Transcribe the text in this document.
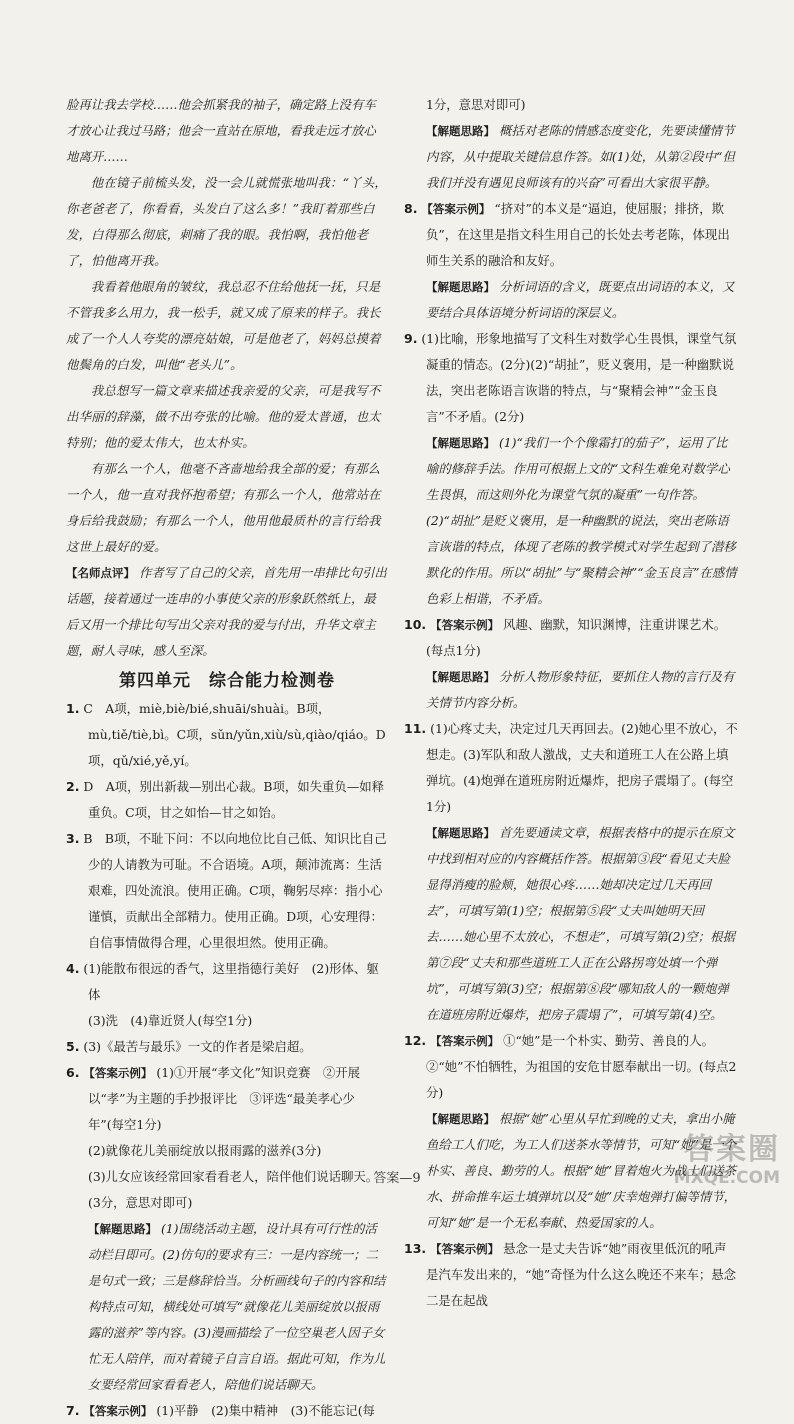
脸再让我去学校……他会抓紧我的袖子，确定路上没有车才放心让我过马路；他会一直站在原地，看我走远才放心地离开……

他在镜子前梳头发，没一会儿就慌张地叫我：“丫头，你老爸老了，你看看，头发白了这么多！”我盯着那些白发，白得那么彻底，刺痛了我的眼。我怕啊，我怕他老了，怕他离开我。

我看着他眼角的皱纹，我总忍不住给他抚一抚，只是不管我多么用力，我一松手，就又成了原来的样子。我长成了一个人人夸奖的漂亮姑娘，可是他老了，妈妈总摸着他鬓角的白发，叫他“老头儿”。

我总想写一篇文章来描述我亲爱的父亲，可是我写不出华丽的辞藻，做不出夸张的比喻。他的爱太普通，也太特别；他的爱太伟大，也太朴实。

有那么一个人，他毫不吝啬地给我全部的爱；有那么一个人，他一直对我怀抱希望；有那么一个人，他常站在身后给我鼓励；有那么一个人，他用他最质朴的言行给我这世上最好的爱。

【 名师点评 】 作者写了自己的父亲，首先用一串排比句引出话题，接着通过一连串的小事使父亲的形象跃然纸上，最后又用一个排比句写出父亲对我的爱与付出，升华文章主题，耐人寻味，感人至深。

第四单元　综合能力检测卷

1. C　A项，miè,biè/bié,shuāi/shuài。B项，mù,tiě/tiè,bì。C项，sǔn/yǔn,xiù/sù,qiào/qiáo。D项，qǔ/xié,yě,yí。

2. D　A项，别出新裁—别出心裁。B项，如失重负—如释重负。C项，甘之如怡—甘之如饴。

3. B　B项，不耻下问：不以向地位比自己低、知识比自己少的人请教为可耻。不合语境。A项，颠沛流离：生活艰难，四处流浪。使用正确。C项，鞠躬尽瘁：指小心谨慎，贡献出全部精力。使用正确。D项，心安理得：自信事情做得合理，心里很坦然。使用正确。

4. (1)能散布很远的香气，这里指德行美好　(2)形体、躯体

(3)洗　(4)靠近贤人(每空1分)

5. (3)《最苦与最乐》一文的作者是梁启超。

6. 【 答案示例 】 (1)①开展“孝文化”知识竞赛　②开展以“孝”为主题的手抄报评比　③评选“最美孝心少年”(每空1分)

(2)就像花儿美丽绽放以报雨露的滋养(3分)

(3)儿女应该经常回家看看老人，陪伴他们说话聊天。(3分，意思对即可)

【 解题思路 】 (1)围绕活动主题，设计具有可行性的活动栏目即可。(2)仿句的要求有三：一是内容统一；二是句式一致；三是修辞恰当。分析画线句子的内容和结构特点可知，横线处可填写“就像花儿美丽绽放以报雨露的滋养”等内容。(3)漫画描绘了一位空巢老人因子女忙无人陪伴，而对着镜子自言自语。据此可知，作为儿女要经常回家看看老人，陪他们说话聊天。

7. 【 答案示例 】 (1)平静　(2)集中精神　(3)不能忘记(每

1分，意思对即可)

【 解题思路 】 概括对老陈的情感态度变化，先要读懂情节内容，从中提取关键信息作答。如(1)处，从第②段中“但我们并没有遇见良师该有的兴奋”可看出大家很平静。

8. 【 答案示例 】 “挤对”的本义是“逼迫，使屈服；排挤，欺负”，在这里是指文科生用自己的长处去考老陈，体现出师生关系的融洽和友好。

【 解题思路 】 分析词语的含义，既要点出词语的本义，又要结合具体语境分析词语的深层义。

9. (1)比喻，形象地描写了文科生对数学心生畏惧，课堂气氛凝重的情态。(2分)(2)“胡扯”，贬义褒用，是一种幽默说法，突出老陈语言诙谐的特点，与“聚精会神”“金玉良言”不矛盾。(2分)

【 解题思路 】 (1)“我们一个个像霜打的茄子”，运用了比喻的修辞手法。作用可根据上文的“文科生难免对数学心生畏惧，而这则外化为课堂气氛的凝重”一句作答。(2)“胡扯”是贬义褒用，是一种幽默的说法，突出老陈语言诙谐的特点，体现了老陈的教学模式对学生起到了潜移默化的作用。所以“胡扯”与“聚精会神”“金玉良言”在感情色彩上相谐，不矛盾。

10. 【 答案示例 】 风趣、幽默，知识渊博，注重讲课艺术。(每点1分)

【 解题思路 】 分析人物形象特征，要抓住人物的言行及有关情节内容分析。

11. (1)心疼丈夫，决定过几天再回去。(2)她心里不放心，不想走。(3)军队和敌人激战，丈夫和道班工人在公路上填弹坑。(4)炮弹在道班房附近爆炸，把房子震塌了。(每空1分)

【 解题思路 】 首先要通读文章，根据表格中的提示在原文中找到相对应的内容概括作答。根据第③段“看见丈夫脸显得消瘦的脸颊，她很心疼……她却决定过几天再回去”，可填写第(1)空；根据第⑤段“丈夫叫她明天回去……她心里不太放心，不想走”，可填写第(2)空；根据第⑦段“丈夫和那些道班工人正在公路拐弯处填一个弹坑”，可填写第(3)空；根据第⑧段“哪知敌人的一颗炮弹在道班房附近爆炸，把房子震塌了”，可填写第(4)空。

12. 【 答案示例 】 ①“她”是一个朴实、勤劳、善良的人。②“她”不怕牺牲，为祖国的安危甘愿奉献出一切。(每点2分)

【 解题思路 】 根据“她”心里从早忙到晚的丈夫，拿出小腌鱼给工人们吃，为工人们送茶水等情节，可知“她”是一个朴实、善良、勤劳的人。根据“她”冒着炮火为战士们送茶水、拼命推车运土填弹坑以及“她”庆幸炮弹打偏等情节，可知“她”是一个无私奉献、热爱国家的人。

13. 【 答案示例 】 悬念一是丈夫告诉“她”雨夜里低沉的吼声是汽车发出来的，“她”奇怪为什么这么晚还不来车；悬念二是在起战

答案—9
答案圈
MXQE.COM
